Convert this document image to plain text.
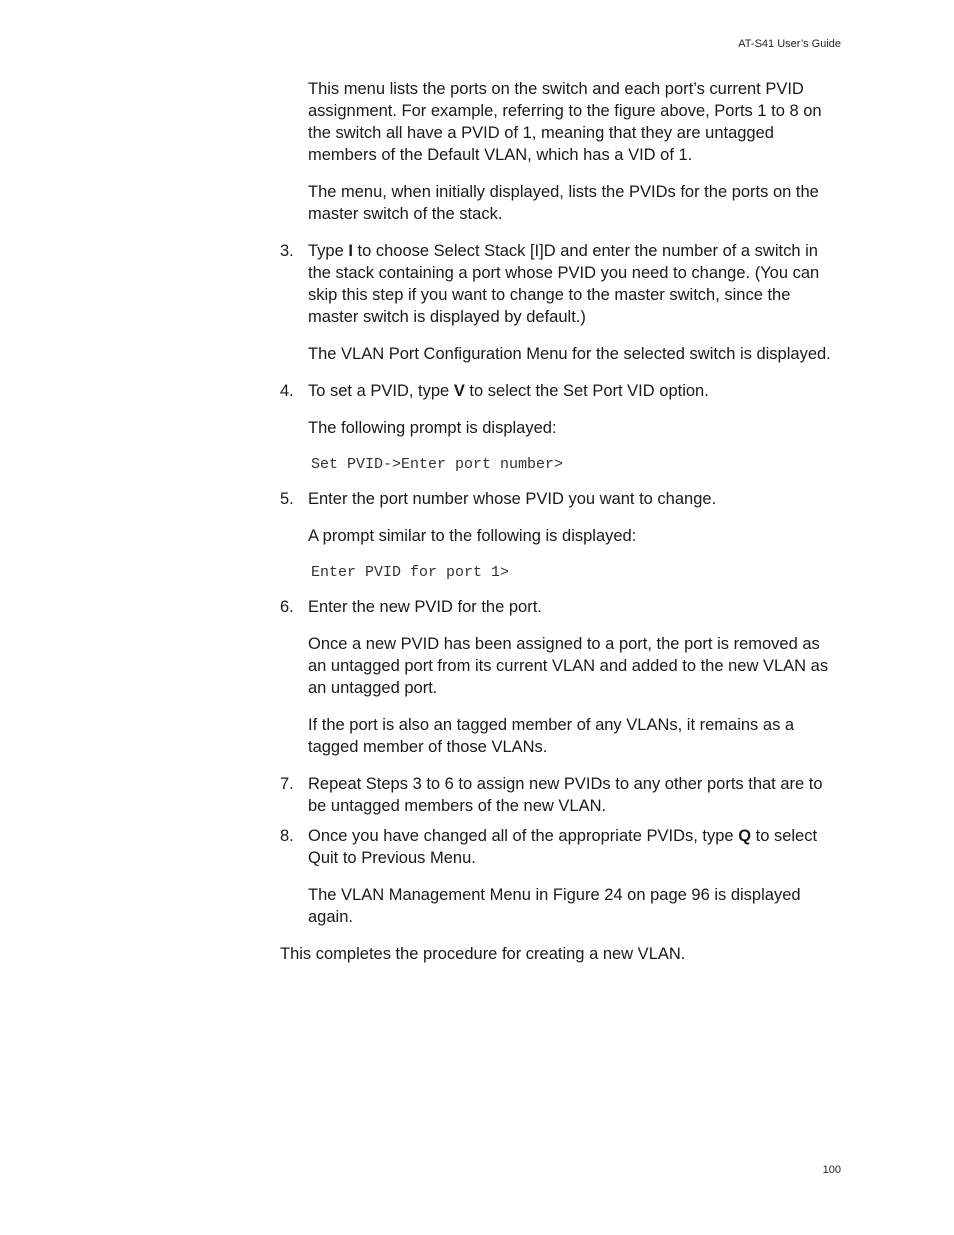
AT-S41 User’s Guide

This menu lists the ports on the switch and each port’s current PVID assignment. For example, referring to the figure above, Ports 1 to 8 on the switch all have a PVID of 1, meaning that they are untagged members of the Default VLAN, which has a VID of 1.

The menu, when initially displayed, lists the PVIDs for the ports on the master switch of the stack.

3. Type I to choose Select Stack [I]D and enter the number of a switch in the stack containing a port whose PVID you need to change. (You can skip this step if you want to change to the master switch, since the master switch is displayed by default.)

The VLAN Port Configuration Menu for the selected switch is displayed.

4. To set a PVID, type V to select the Set Port VID option.

The following prompt is displayed:

Set PVID->Enter port number>
5. Enter the port number whose PVID you want to change.

A prompt similar to the following is displayed:

Enter PVID for port 1>
6. Enter the new PVID for the port.

Once a new PVID has been assigned to a port, the port is removed as an untagged port from its current VLAN and added to the new VLAN as an untagged port.

If the port is also an tagged member of any VLANs, it remains as a tagged member of those VLANs.

7. Repeat Steps 3 to 6 to assign new PVIDs to any other ports that are to be untagged members of the new VLAN.
8. Once you have changed all of the appropriate PVIDs, type Q to select Quit to Previous Menu.

The VLAN Management Menu in Figure 24 on page 96 is displayed again.

This completes the procedure for creating a new VLAN.

100
